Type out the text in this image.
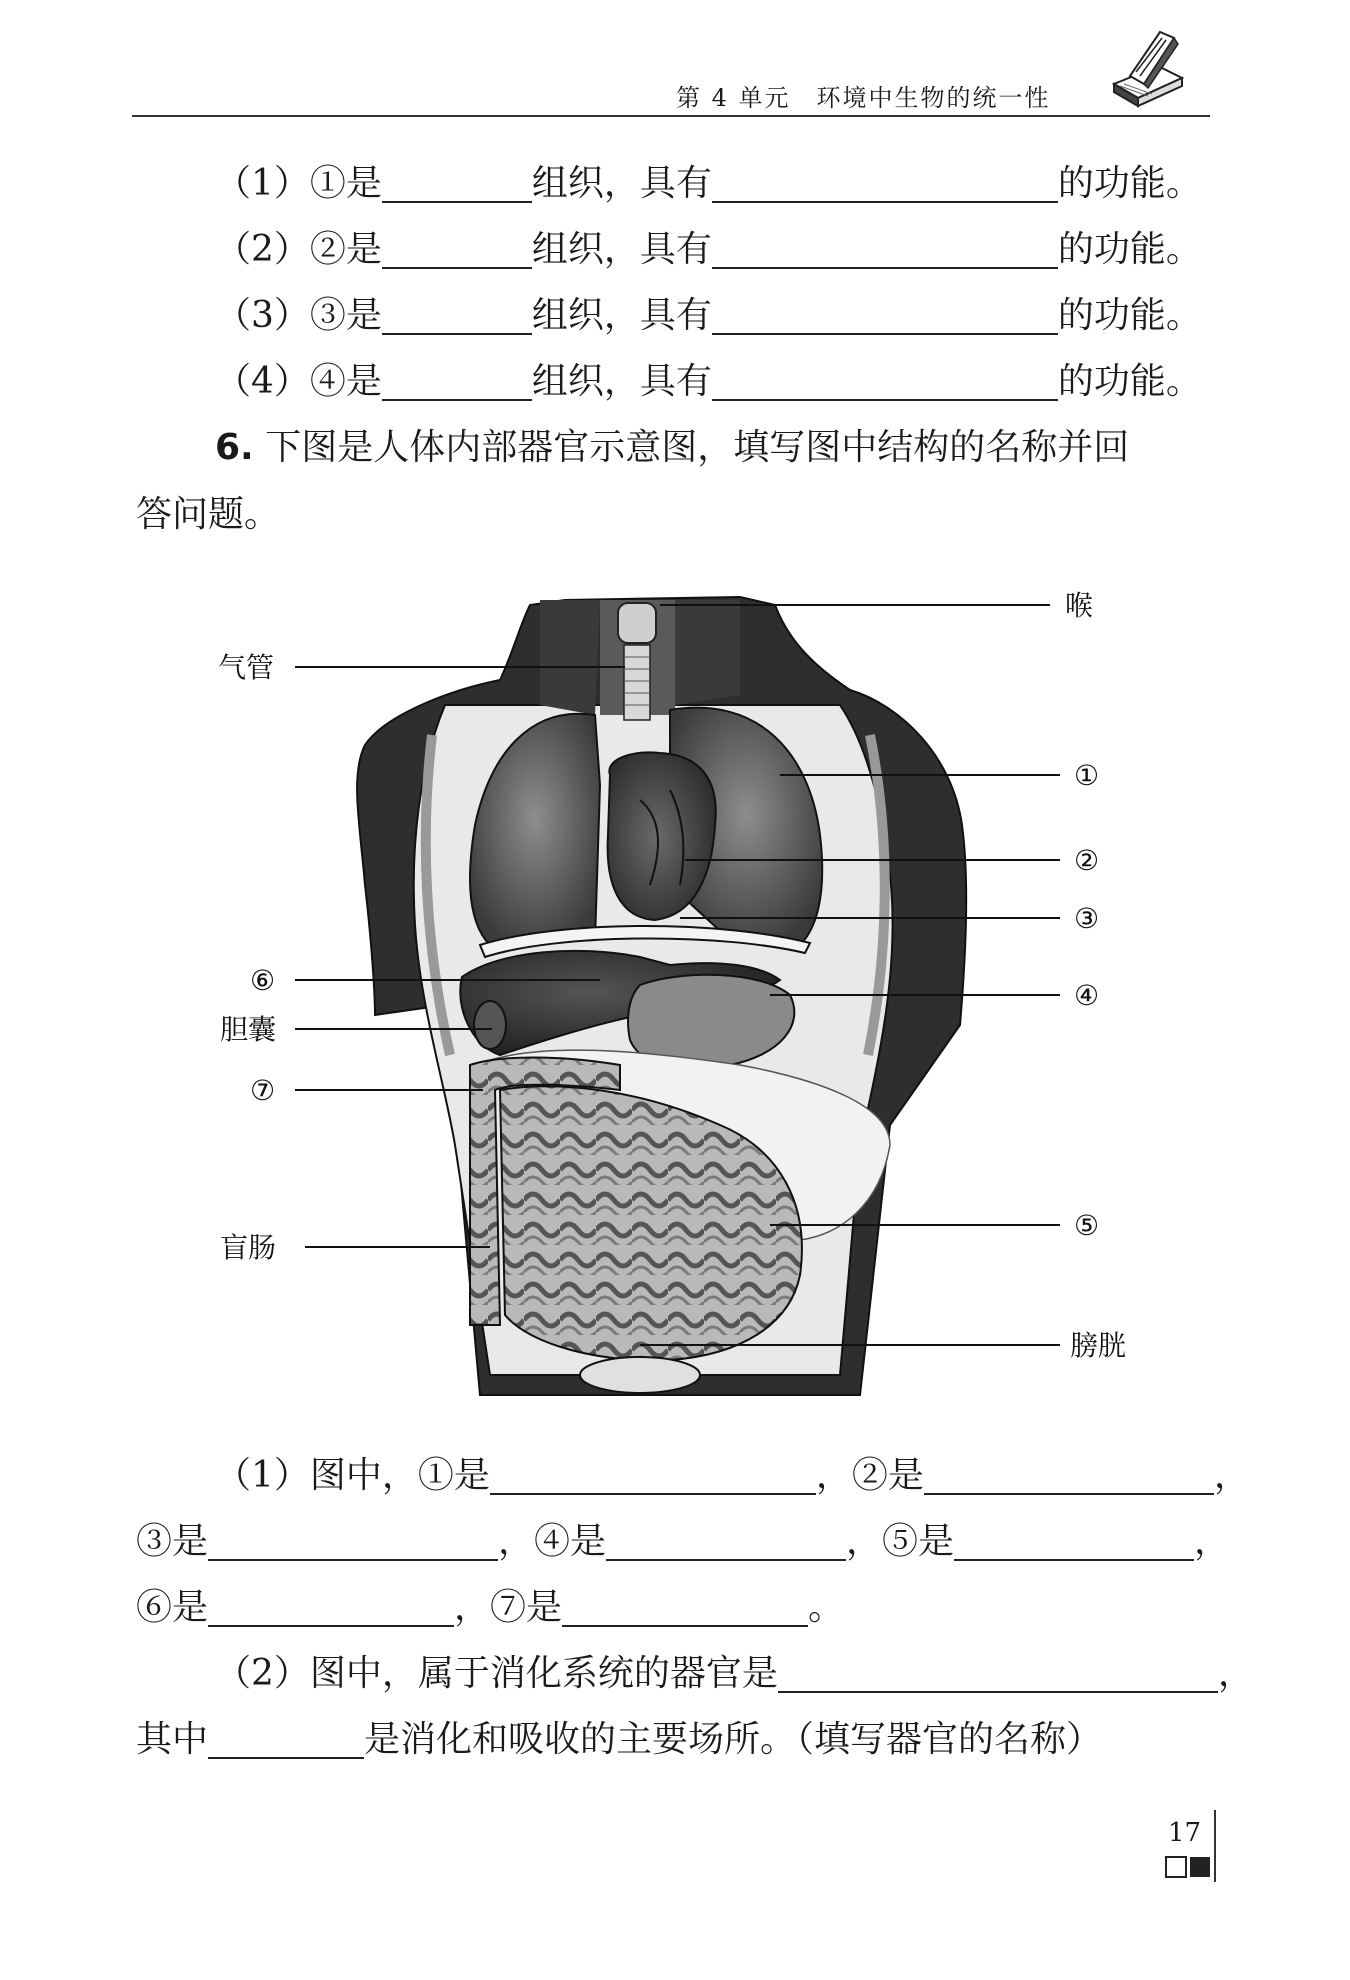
第 4 单元 环境中生物的统一性
（1）①是	组织，具有	的功能。
（2）②是	组织，具有	的功能。
（3）③是	组织，具有	的功能。
（4）④是	组织，具有	的功能。
6. 下图是人体内部器官示意图，填写图中结构的名称并回
答问题。
喉
气管
①
②
③
④
⑥
胆囊
⑦
盲肠
⑤
膀胱
（1）图中，①是	，②是	，
③是	，④是	，⑤是	，
⑥是	，⑦是	。
（2）图中，属于消化系统的器官是	，
其中	是消化和吸收的主要场所。（填写器官的名称）
17
